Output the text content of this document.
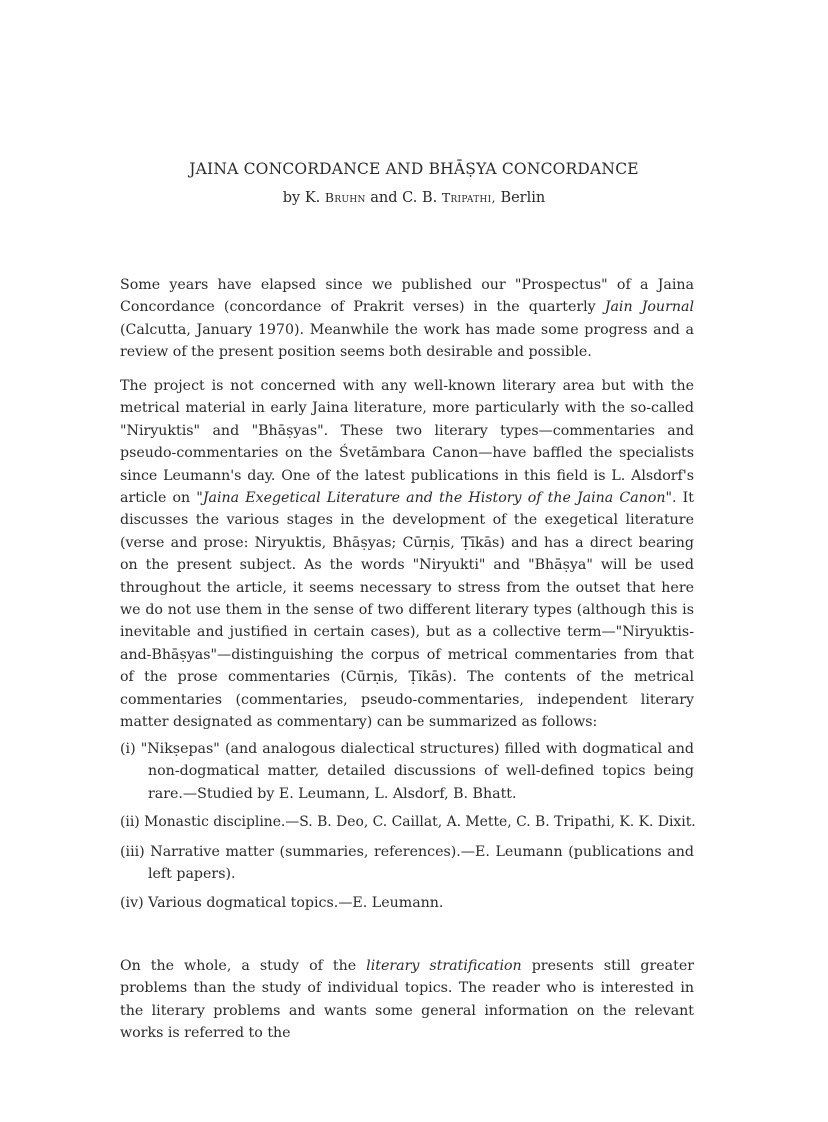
JAINA CONCORDANCE AND BHĀṢYA CONCORDANCE
by K. Bruhn and C. B. Tripathi, Berlin

Some years have elapsed since we published our "Prospectus" of a Jaina Concordance (concordance of Prakrit verses) in the quarterly Jain Journal (Calcutta, January 1970). Meanwhile the work has made some progress and a review of the present position seems both desirable and possible.

The project is not concerned with any well-known literary area but with the metrical material in early Jaina literature, more particularly with the so-called "Niryuktis" and "Bhāṣyas". These two literary types—commentaries and pseudo-commentaries on the Śvetāmbara Canon—have baffled the specialists since Leumann's day. One of the latest publications in this field is L. Alsdorf's article on "Jaina Exegetical Literature and the History of the Jaina Canon". It discusses the various stages in the development of the exegetical literature (verse and prose: Niryuktis, Bhāṣyas; Cūrṇis, Ṭīkās) and has a direct bearing on the present subject. As the words "Niryukti" and "Bhāṣya" will be used throughout the article, it seems necessary to stress from the outset that here we do not use them in the sense of two different literary types (although this is inevitable and justified in certain cases), but as a collective term—"Niryuktis-and-Bhāṣyas"—distinguishing the corpus of metrical commentaries from that of the prose commentaries (Cūrṇis, Ṭīkās). The contents of the metrical commentaries (commentaries, pseudo-commentaries, independent literary matter designated as commentary) can be summarized as follows:

(i) "Nikṣepas" (and analogous dialectical structures) filled with dogmatical and non-dogmatical matter, detailed discussions of well-defined topics being rare.—Studied by E. Leumann, L. Alsdorf, B. Bhatt.
(ii) Monastic discipline.—S. B. Deo, C. Caillat, A. Mette, C. B. Tripathi, K. K. Dixit.
(iii) Narrative matter (summaries, references).—E. Leumann (publications and left papers).
(iv) Various dogmatical topics.—E. Leumann.

On the whole, a study of the literary stratification presents still greater problems than the study of individual topics. The reader who is interested in the literary problems and wants some general information on the relevant works is referred to the
